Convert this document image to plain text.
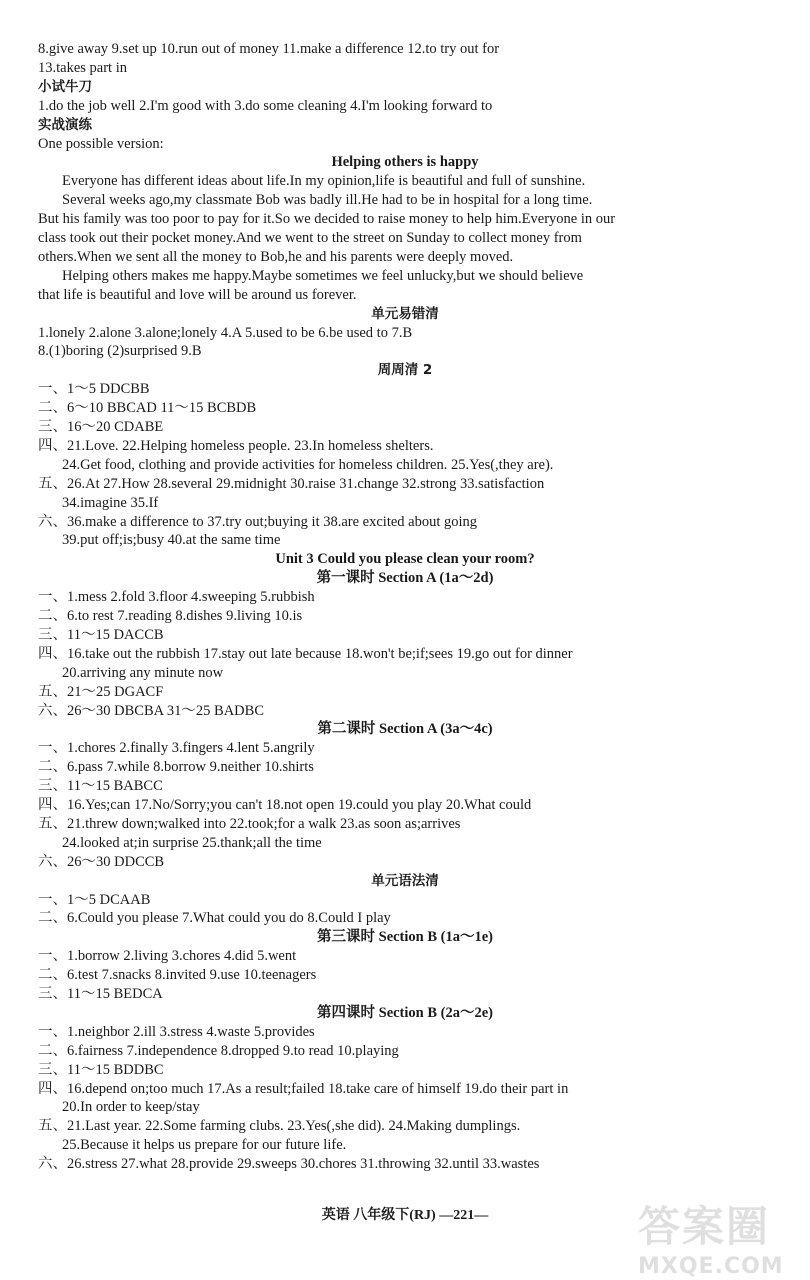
8.give away 9.set up 10.run out of money 11.make a difference 12.to try out for
13.takes part in
小试牛刀
1.do the job well 2.I'm good with 3.do some cleaning 4.I'm looking forward to
实战演练
One possible version:
Helping others is happy
Everyone has different ideas about life.In my opinion,life is beautiful and full of sunshine.
Several weeks ago,my classmate Bob was badly ill.He had to be in hospital for a long time.
But his family was too poor to pay for it.So we decided to raise money to help him.Everyone in our
class took out their pocket money.And we went to the street on Sunday to collect money from
others.When we sent all the money to Bob,he and his parents were deeply moved.
Helping others makes me happy.Maybe sometimes we feel unlucky,but we should believe
that life is beautiful and love will be around us forever.
单元易错清
1.lonely 2.alone 3.alone;lonely 4.A 5.used to be 6.be used to 7.B
8.(1)boring (2)surprised 9.B
周周清 2
一、1～5 DDCBB
二、6～10 BBCAD 11～15 BCBDB
三、16～20 CDABE
四、21.Love. 22.Helping homeless people. 23.In homeless shelters.
24.Get food, clothing and provide activities for homeless children. 25.Yes(,they are).
五、26.At 27.How 28.several 29.midnight 30.raise 31.change 32.strong 33.satisfaction
34.imagine 35.If
六、36.make a difference to 37.try out;buying it 38.are excited about going
39.put off;is;busy 40.at the same time
Unit 3 Could you please clean your room?
第一课时 Section A (1a～2d)
一、1.mess 2.fold 3.floor 4.sweeping 5.rubbish
二、6.to rest 7.reading 8.dishes 9.living 10.is
三、11～15 DACCB
四、16.take out the rubbish 17.stay out late because 18.won't be;if;sees 19.go out for dinner
20.arriving any minute now
五、21～25 DGACF
六、26～30 DBCBA 31～25 BADBC
第二课时 Section A (3a～4c)
一、1.chores 2.finally 3.fingers 4.lent 5.angrily
二、6.pass 7.while 8.borrow 9.neither 10.shirts
三、11～15 BABCC
四、16.Yes;can 17.No/Sorry;you can't 18.not open 19.could you play 20.What could
五、21.threw down;walked into 22.took;for a walk 23.as soon as;arrives
24.looked at;in surprise 25.thank;all the time
六、26～30 DDCCB
单元语法清
一、1～5 DCAAB
二、6.Could you please 7.What could you do 8.Could I play
第三课时 Section B (1a～1e)
一、1.borrow 2.living 3.chores 4.did 5.went
二、6.test 7.snacks 8.invited 9.use 10.teenagers
三、11～15 BEDCA
第四课时 Section B (2a～2e)
一、1.neighbor 2.ill 3.stress 4.waste 5.provides
二、6.fairness 7.independence 8.dropped 9.to read 10.playing
三、11～15 BDDBC
四、16.depend on;too much 17.As a result;failed 18.take care of himself 19.do their part in
20.In order to keep/stay
五、21.Last year. 22.Some farming clubs. 23.Yes(,she did). 24.Making dumplings.
25.Because it helps us prepare for our future life.
六、26.stress 27.what 28.provide 29.sweeps 30.chores 31.throwing 32.until 33.wastes
英语 八年级下(RJ) —221—	答案圈
MXQE.COM
